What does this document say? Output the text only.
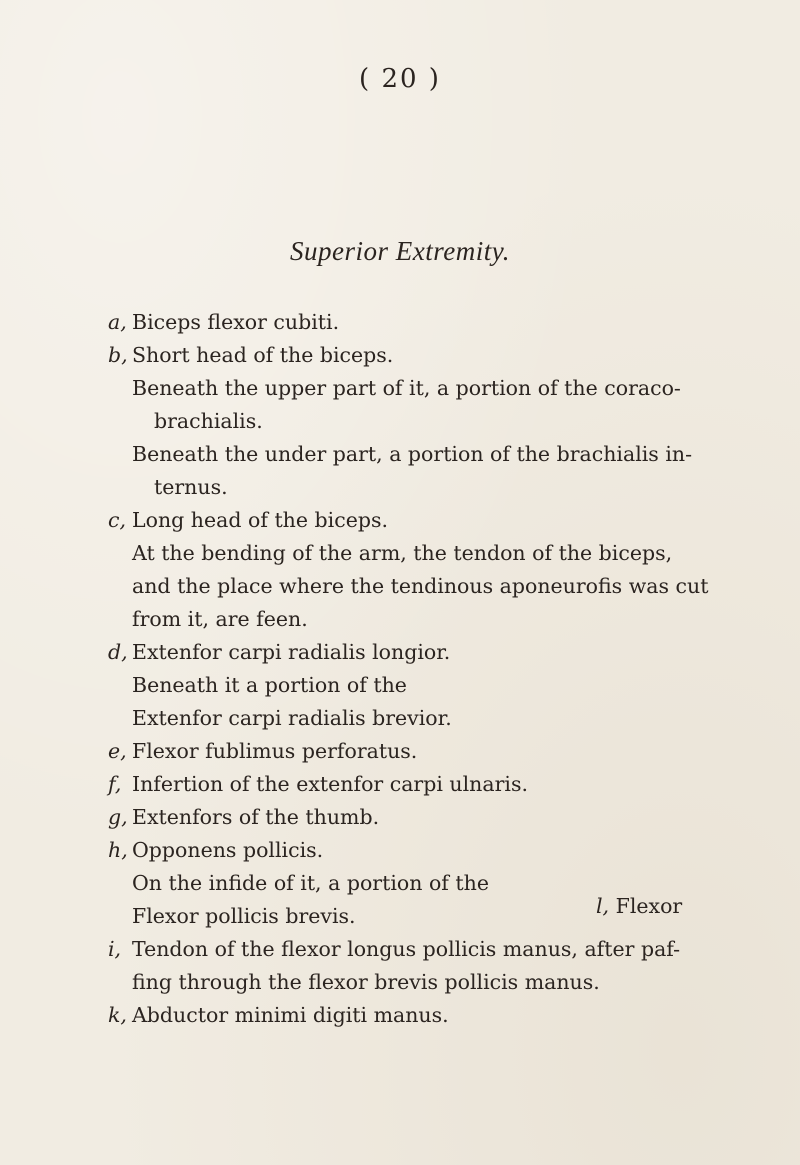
( 20 )
Superior Extremity.
a, Biceps flexor cubiti.
b, Short head of the biceps.
Beneath the upper part of it, a portion of the coraco-
brachialis.
Beneath the under part, a portion of the brachialis in-
ternus.
c, Long head of the biceps.
At the bending of the arm, the tendon of the biceps,
and the place where the tendinous aponeurofis was cut
from it, are feen.
d, Extenfor carpi radialis longior.
Beneath it a portion of the
Extenfor carpi radialis brevior.
e, Flexor fublimus perforatus.
f, Infertion of the extenfor carpi ulnaris.
g, Extenfors of the thumb.
h, Opponens pollicis.
On the infide of it, a portion of the
Flexor pollicis brevis.
i, Tendon of the flexor longus pollicis manus, after paf-
fing through the flexor brevis pollicis manus.
k, Abductor minimi digiti manus.
l, Flexor
